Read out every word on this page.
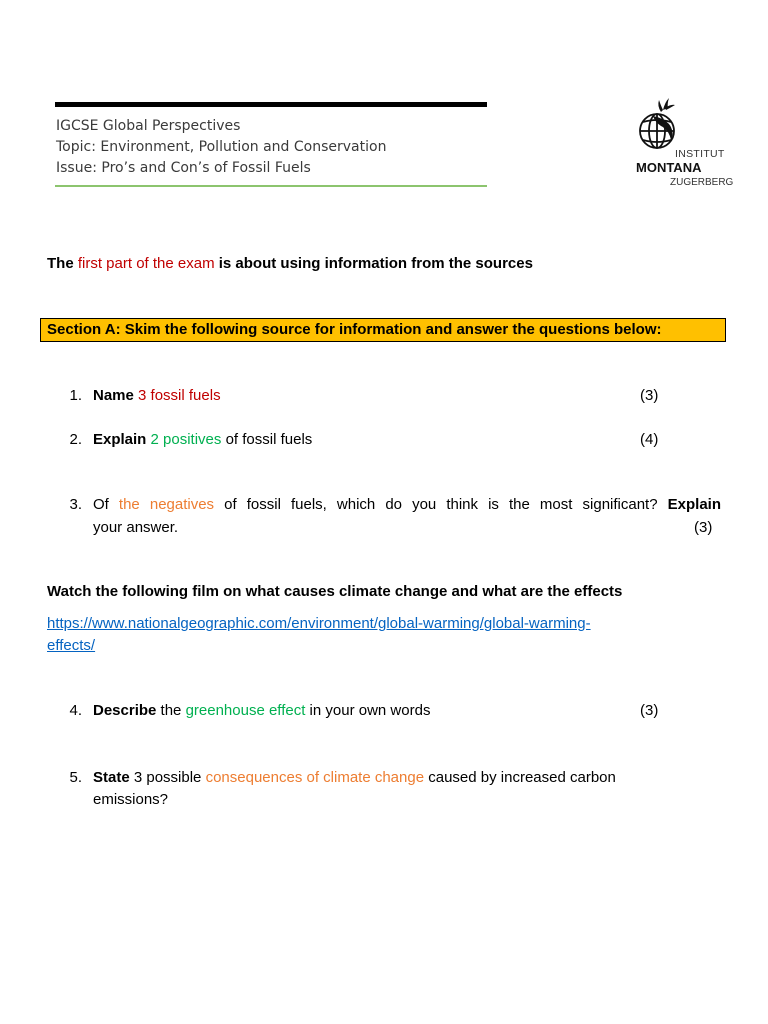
IGCSE Global Perspectives
Topic: Environment, Pollution and Conservation
Issue: Pro’s and Con’s of Fossil Fuels
INSTITUT
MONTANA
ZUGERBERG
The first part of the exam is about using information from the sources
Section A: Skim the following source for information and answer the questions below:
1. Name 3 fossil fuels	(3)
2. Explain 2 positives of fossil fuels	(4)
3. Of the negatives of fossil fuels, which do you think is the most significant? Explain
your answer.	(3)
Watch the following film on what causes climate change and what are the effects
https://www.nationalgeographic.com/environment/global-warming/global-warming-
effects/
4. Describe the greenhouse effect in your own words	(3)
5. State 3 possible consequences of climate change caused by increased carbon
emissions?
